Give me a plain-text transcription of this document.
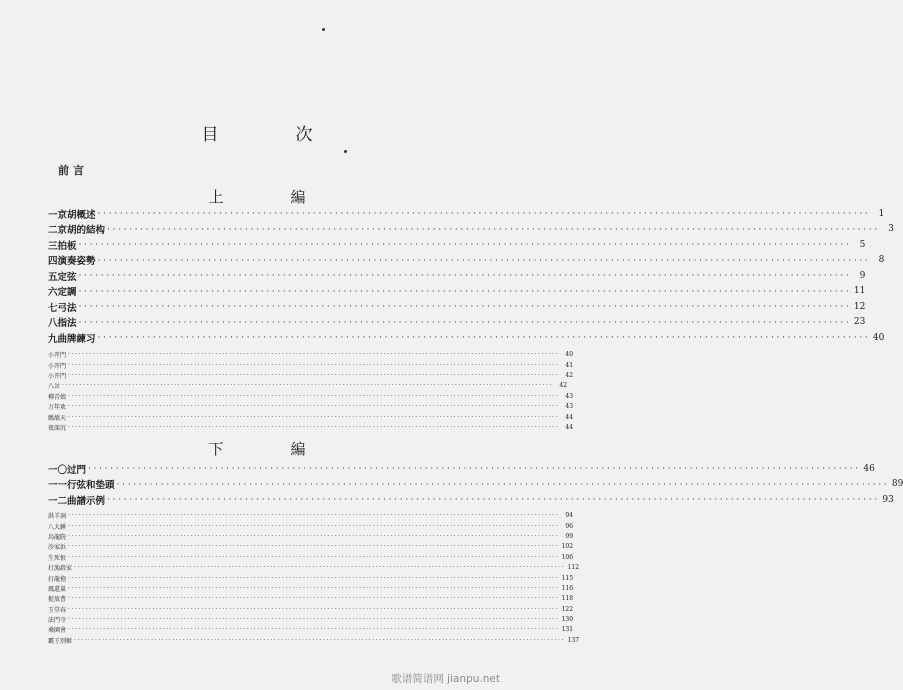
目　次
前言
上　編
一 京胡概述 ············································································································································ 1
二 京胡的結构 ············································································································································ 3
三 拍板 ············································································································································ 5
四 演奏姿勢 ············································································································································ 8
五 定弦 ············································································································································ 9
六 定調 ············································································································································ 11
七 弓法 ············································································································································ 12
八 指法 ············································································································································ 23
九 曲牌練习 ············································································································································ 40
小开門 ············································································································································	40
小开門 ············································································································································	41
小开門 ············································································································································	42
八岔 ············································································································································	42
柳青娘 ············································································································································	43
万年欢 ············································································································································	43
鷓鴣天 ············································································································································	44
夜深沉 ············································································································································	44
下　編
一〇 过門 ············································································································································ 46
一一 行弦和垫頭 ············································································································································ 89
一二 曲譜示例 ············································································································································ 93
洪羊洞 ············································································································································	94
八大錘 ············································································································································	96
烏龍院 ············································································································································	99
沙家浜 ············································································································································ 102
生死恨 ············································································································································ 106
打漁殺家 ············································································································································ 112
打龍袍 ············································································································································ 115
鳳還巢 ············································································································································ 116
捉放曹 ············································································································································ 118
玉堂春 ············································································································································ 122
法門寺 ············································································································································ 130
桑園會 ············································································································································ 131
霸王別姬 ············································································································································ 137
歌谱简谱网 jianpu.net
